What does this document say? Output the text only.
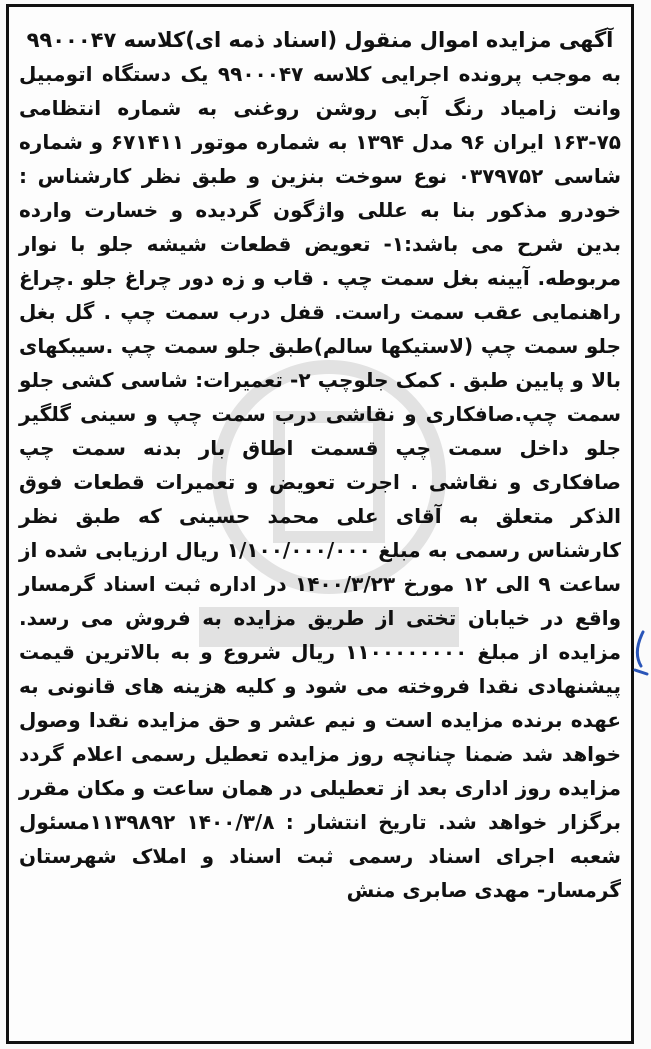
آگهی مزایده اموال منقول (اسناد ذمه ای)کلاسه ۹۹۰۰۰۴۷

به موجب پرونده اجرایی کلاسه ۹۹۰۰۰۴۷ یک دستگاه اتومبیل وانت زامیاد رنگ آبی روشن روغنی به شماره انتظامی ۷۵-۱۶۳ ایران ۹۶ مدل ۱۳۹۴ به شماره موتور ۶۷۱۴۱۱ و شماره شاسی ۰۳۷۹۷۵۲ نوع سوخت بنزین و طبق نظر کارشناس : خودرو مذکور بنا به عللی واژگون گردیده و خسارت وارده بدین شرح می باشد:۱- تعویض قطعات شیشه جلو با نوار مربوطه. آیینه بغل سمت چپ . قاب و زه دور چراغ جلو .چراغ راهنمایی عقب سمت راست. قفل درب سمت چپ . گل بغل جلو سمت چپ (لاستیکها سالم)طبق جلو سمت چپ .سیبکهای بالا و پایین طبق . کمک جلوچپ ۲- تعمیرات: شاسی کشی جلو سمت چپ.صافکاری و نقاشی درب سمت چپ و سینی گلگیر جلو داخل سمت چپ قسمت اطاق بار بدنه سمت چپ صافکاری و نقاشی . اجرت تعویض و تعمیرات قطعات فوق الذکر متعلق به آقای علی محمد حسینی که طبق نظر کارشناس رسمی به مبلغ ۱/۱۰۰/۰۰۰/۰۰۰ ریال ارزیابی شده از ساعت ۹ الی ۱۲ مورخ ۱۴۰۰/۳/۲۳ در اداره ثبت اسناد گرمسار واقع در خیابان تختی از طریق مزایده به فروش می رسد. مزایده از مبلغ ۱۱۰۰۰۰۰۰۰۰ ریال شروع و به بالاترین قیمت پیشنهادی نقدا فروخته می شود و کلیه هزینه های قانونی به عهده برنده مزایده است و نیم عشر و حق مزایده نقدا وصول خواهد شد ضمنا چنانچه روز مزایده تعطیل رسمی اعلام گردد مزایده روز اداری بعد از تعطیلی در همان ساعت و مکان مقرر برگزار خواهد شد. تاریخ انتشار : ۱۴۰۰/۳/۸ ۱۱۳۹۸۹۲مسئول شعبه اجرای اسناد رسمی ثبت اسناد و املاک شهرستان گرمسار- مهدی صابری منش
